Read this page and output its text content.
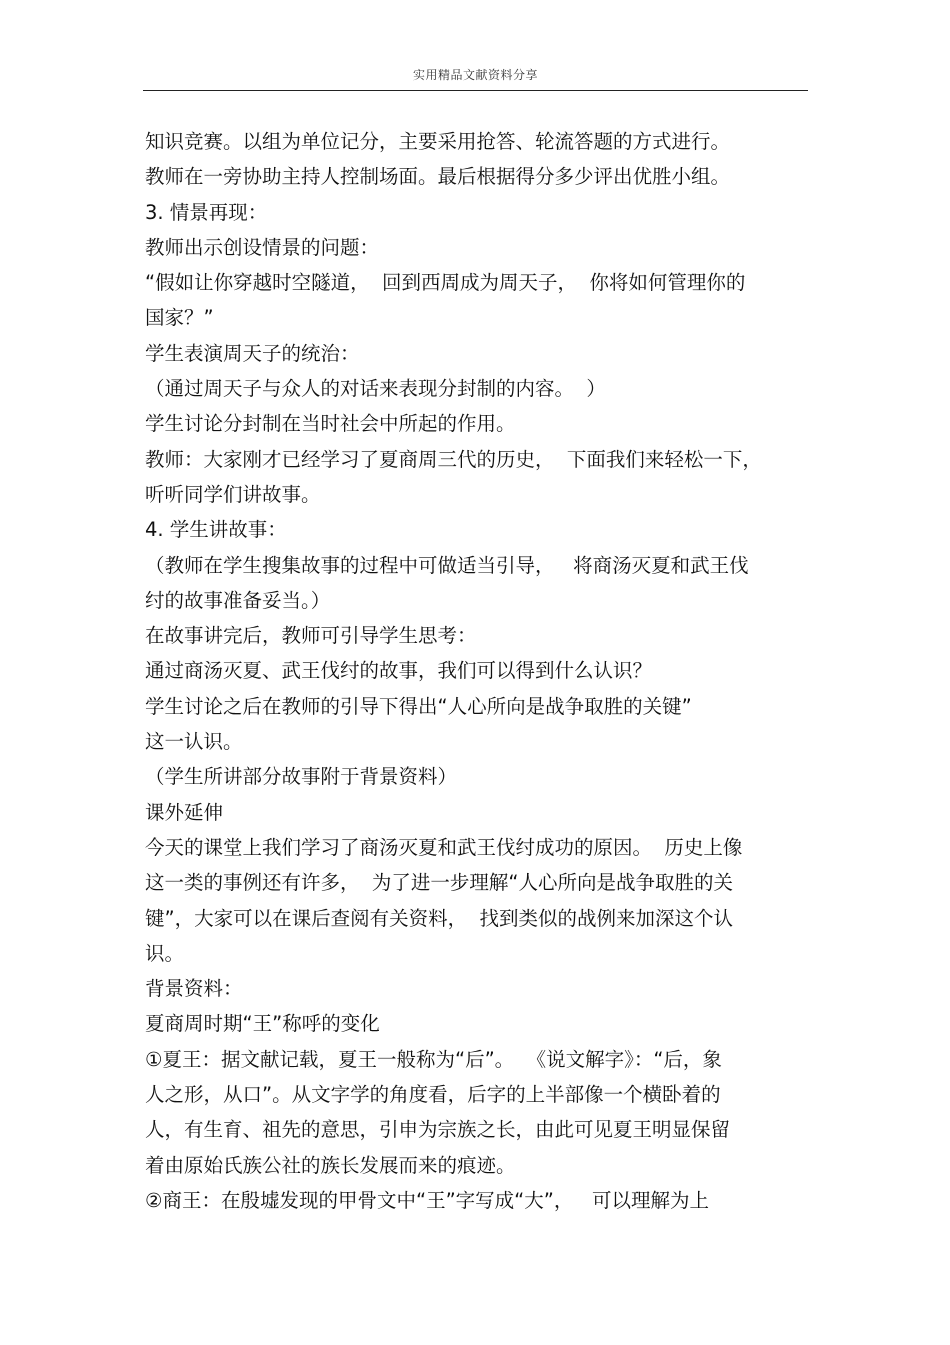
实用精品文献资料分享
知识竞赛。以组为单位记分，主要采用抢答、轮流答题的方式进行。
教师在一旁协助主持人控制场面。最后根据得分多少评出优胜小组。
3. 情景再现：
教师出示创设情景的问题：
“假如让你穿越时空隧道，  回到西周成为周天子，  你将如何管理你的
国家？”
学生表演周天子的统治：
（通过周天子与众人的对话来表现分封制的内容。  ）
学生讨论分封制在当时社会中所起的作用。
教师：大家刚才已经学习了夏商周三代的历史，  下面我们来轻松一下，
听听同学们讲故事。
4. 学生讲故事：
（教师在学生搜集故事的过程中可做适当引导，   将商汤灭夏和武王伐
纣的故事准备妥当。）
在故事讲完后，教师可引导学生思考：
通过商汤灭夏、武王伐纣的故事，我们可以得到什么认识？
学生讨论之后在教师的引导下得出“人心所向是战争取胜的关键”
这一认识。
（学生所讲部分故事附于背景资料）
课外延伸
今天的课堂上我们学习了商汤灭夏和武王伐纣成功的原因。  历史上像
这一类的事例还有许多，  为了进一步理解“人心所向是战争取胜的关
键”，大家可以在课后查阅有关资料，  找到类似的战例来加深这个认
识。
背景资料：
夏商周时期“王”称呼的变化
①夏王：据文献记载，夏王一般称为“后”。  《说文解字》：“后，象
人之形，从口”。从文字学的角度看，后字的上半部像一个横卧着的
人，有生育、祖先的意思，引申为宗族之长，由此可见夏王明显保留
着由原始氏族公社的族长发展而来的痕迹。
②商王：在殷墟发现的甲骨文中“王”字写成“大”，   可以理解为上
